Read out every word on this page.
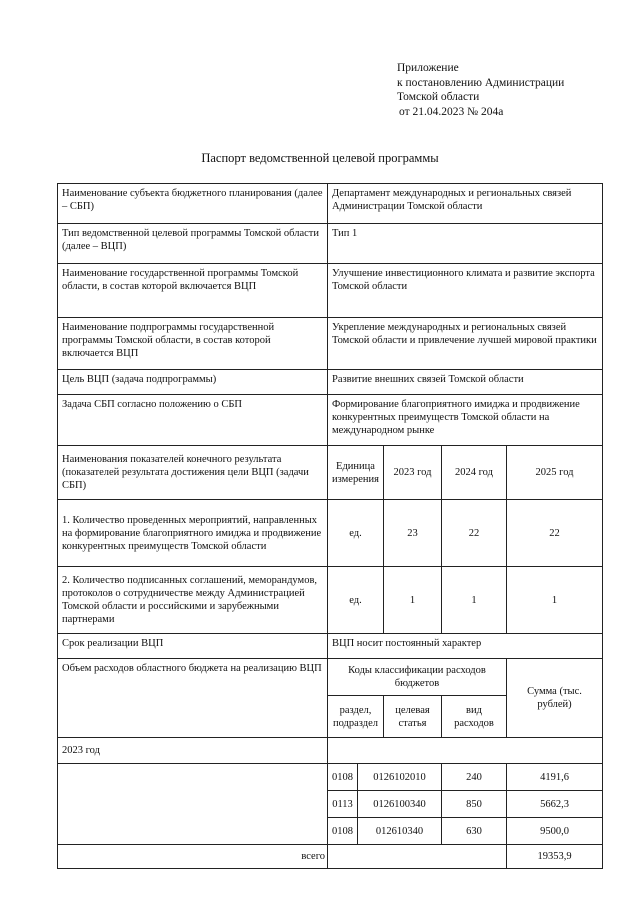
Приложение
к постановлению Администрации
Томской области
от 21.04.2023 № 204а
Паспорт ведомственной целевой программы
Наименование субъекта бюджетного планирования (далее – СБП)	Департамент международных и региональных связей Администрации Томской области				
Тип ведомственной целевой программы Томской области (далее – ВЦП)	Тип 1				
Наименование государственной программы Томской области, в состав которой включается ВЦП	Улучшение инвестиционного климата и развитие экспорта Томской области				
Наименование подпрограммы государственной программы Томской области, в состав которой включается ВЦП	Укрепление международных и региональных связей Томской области и привлечение лучшей мировой практики				
Цель ВЦП (задача подпрограммы)	Развитие внешних связей Томской области				
Задача СБП согласно положению о СБП	Формирование благоприятного имиджа и продвижение конкурентных преимуществ Томской области на международном рынке				
Наименования показателей конечного результата (показателей результата достижения цели ВЦП (задачи СБП)	Единица измерения		2023 год	2024 год	2025 год
1. Количество проведенных мероприятий, направленных на формирование благоприятного имиджа и продвижение конкурентных преимуществ Томской области	ед.		23	22	22
2. Количество подписанных соглашений, меморандумов, протоколов о сотрудничестве между Администрацией Томской области и российскими и зарубежными партнерами	ед.		1	1	1
Срок реализации ВЦП	ВЦП носит постоянный характер				
Объем расходов областного бюджета на реализацию ВЦП	Коды классификации расходов бюджетов				Сумма (тыс. рублей)
	раздел, подраздел		целевая статья	вид расходов	
2023 год					
	0108	0126102010		240	4191,6
	0113	0126100340		850	5662,3
	0108	012610340		630	9500,0
всего					19353,9
